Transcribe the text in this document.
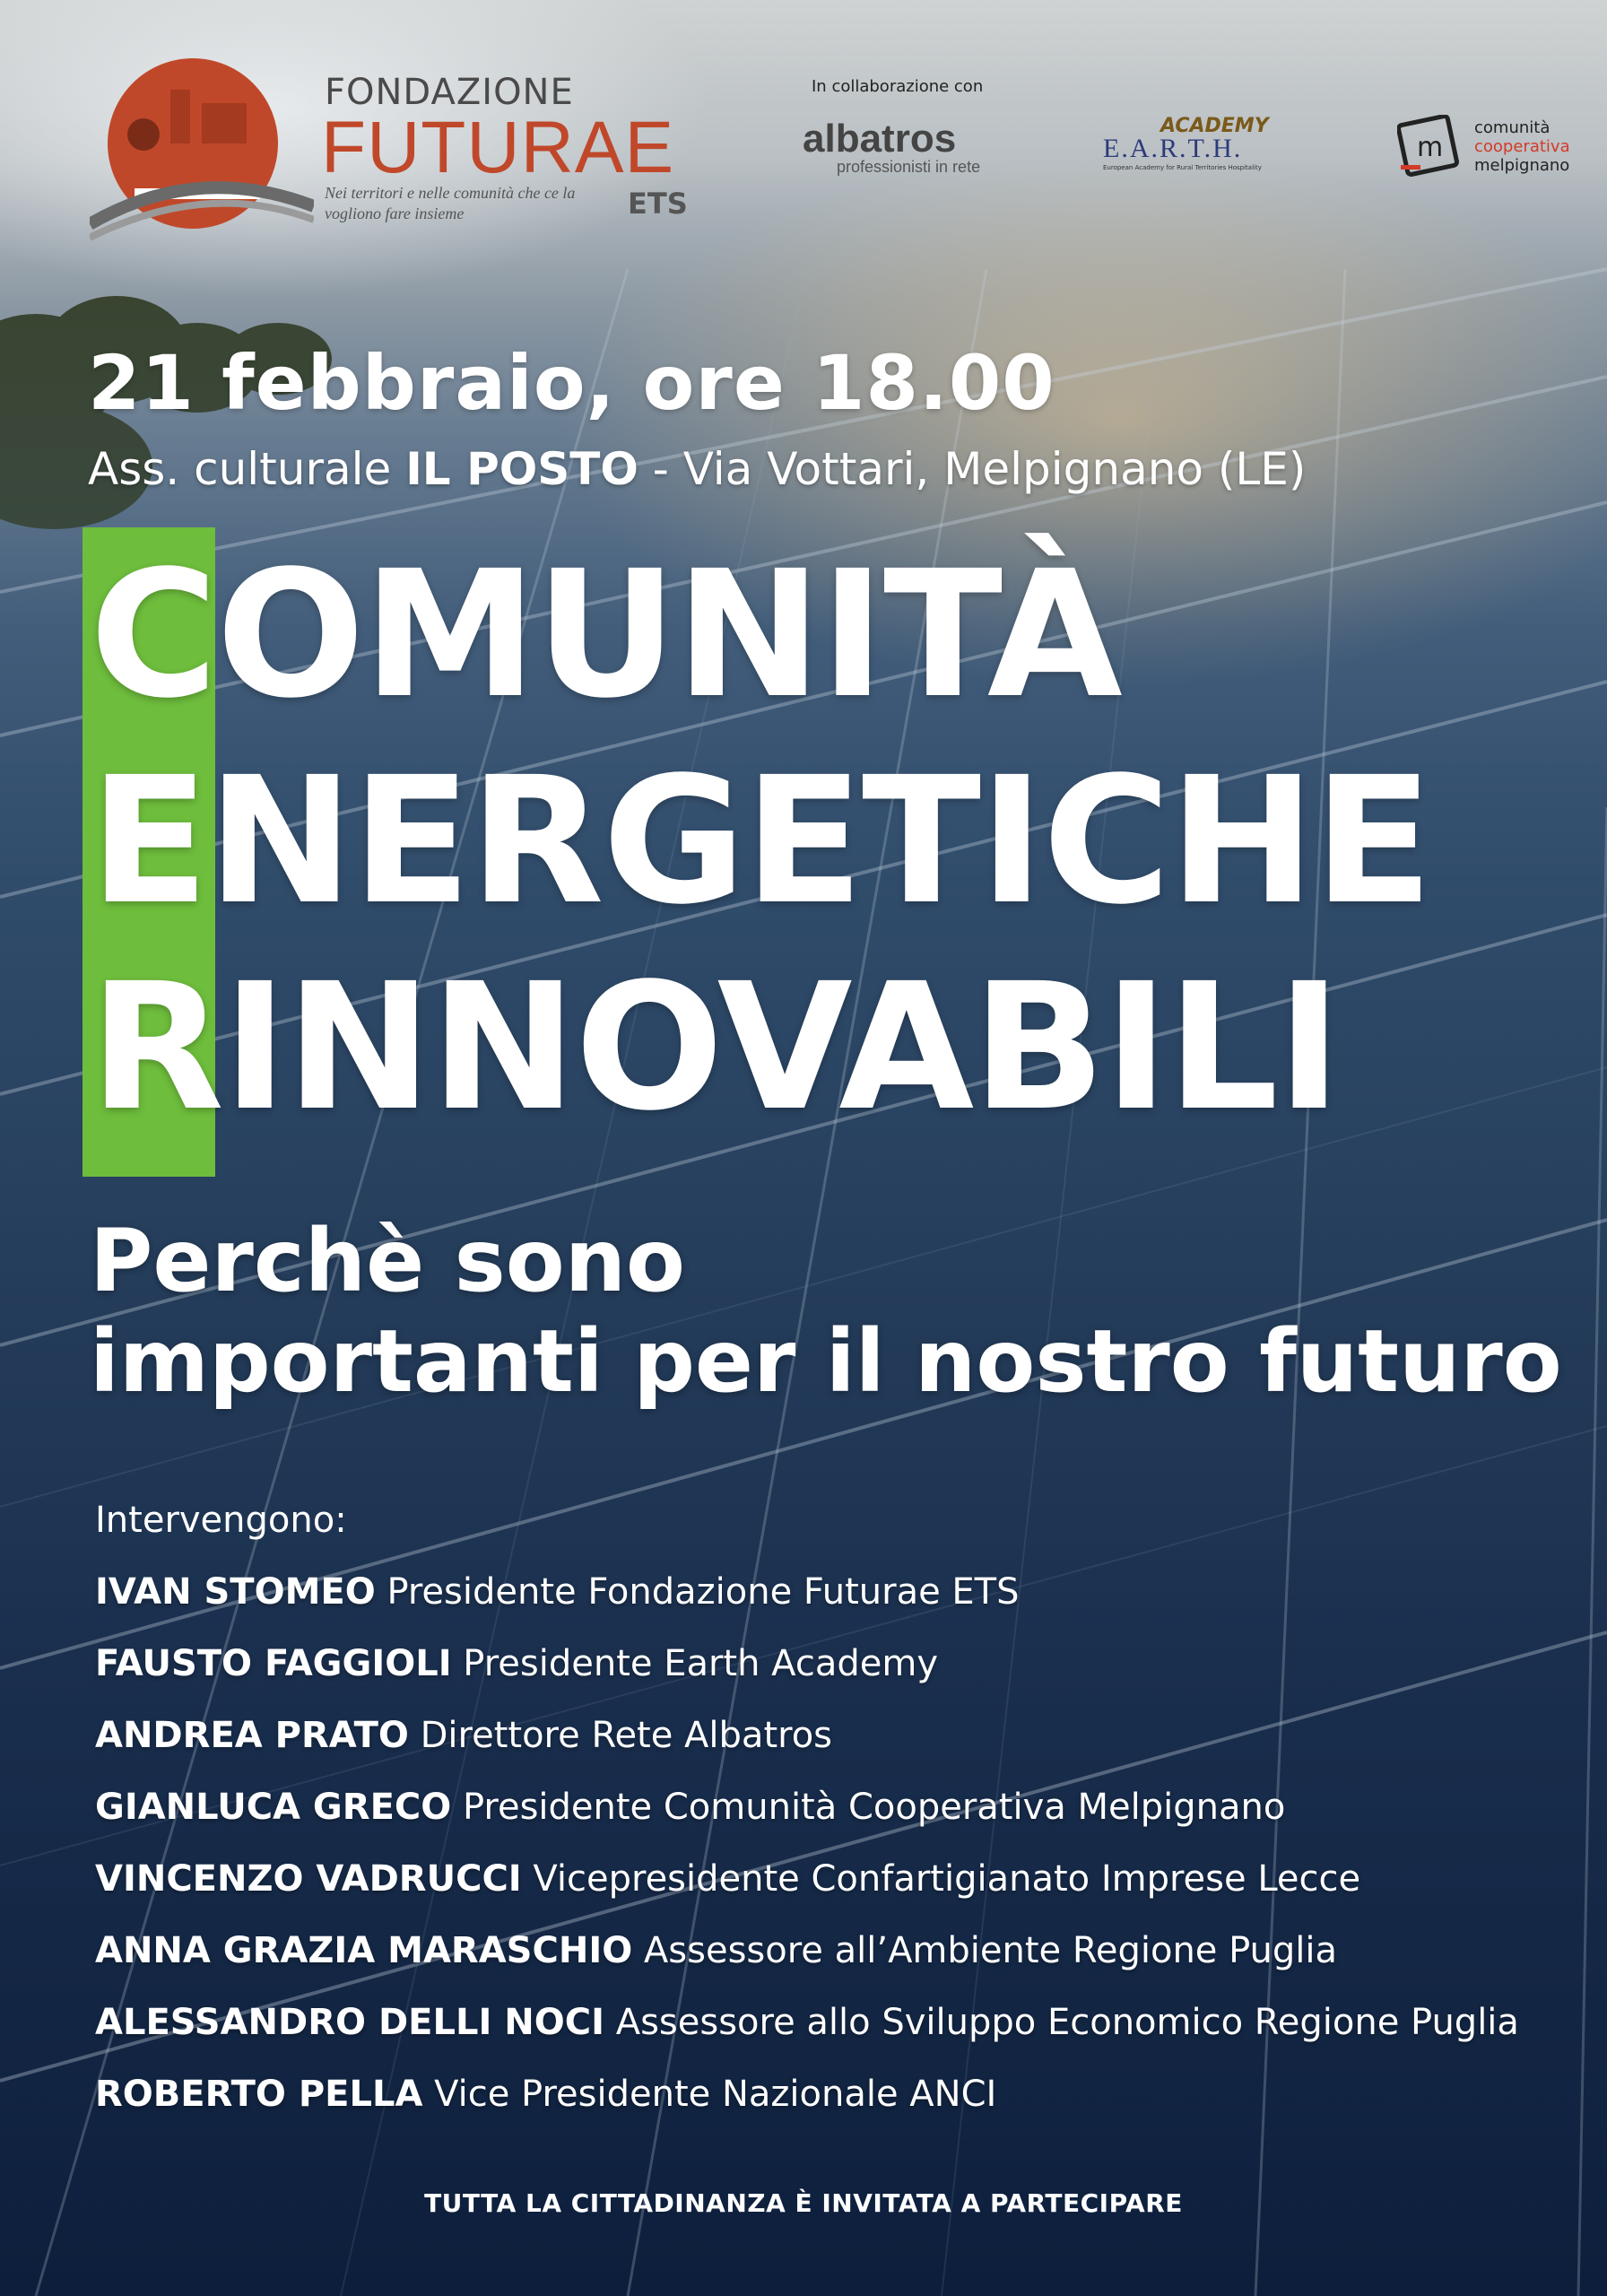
FONDAZIONE
FUTURAE
ETS
Nei territori e nelle comunità che ce la vogliono fare insieme
In collaborazione con
albatros
professionisti in rete
ACADEMY
E.A.R.T.H.
European Academy for Rural Territories Hospitality
m
comunità
cooperativa
melpignano
21 febbraio, ore 18.00
Ass. culturale IL POSTO - Via Vottari, Melpignano (LE)
COMUNITÀ
ENERGETICHE
RINNOVABILI
Perchè sono
importanti per il nostro futuro
Intervengono:
IVAN STOMEO Presidente Fondazione Futurae ETS
FAUSTO FAGGIOLI Presidente Earth Academy
ANDREA PRATO Direttore Rete Albatros
GIANLUCA GRECO Presidente Comunità Cooperativa Melpignano
VINCENZO VADRUCCI Vicepresidente Confartigianato Imprese Lecce
ANNA GRAZIA MARASCHIO Assessore all’Ambiente Regione Puglia
ALESSANDRO DELLI NOCI Assessore allo Sviluppo Economico Regione Puglia
ROBERTO PELLA Vice Presidente Nazionale ANCI
TUTTA LA CITTADINANZA È INVITATA A PARTECIPARE
